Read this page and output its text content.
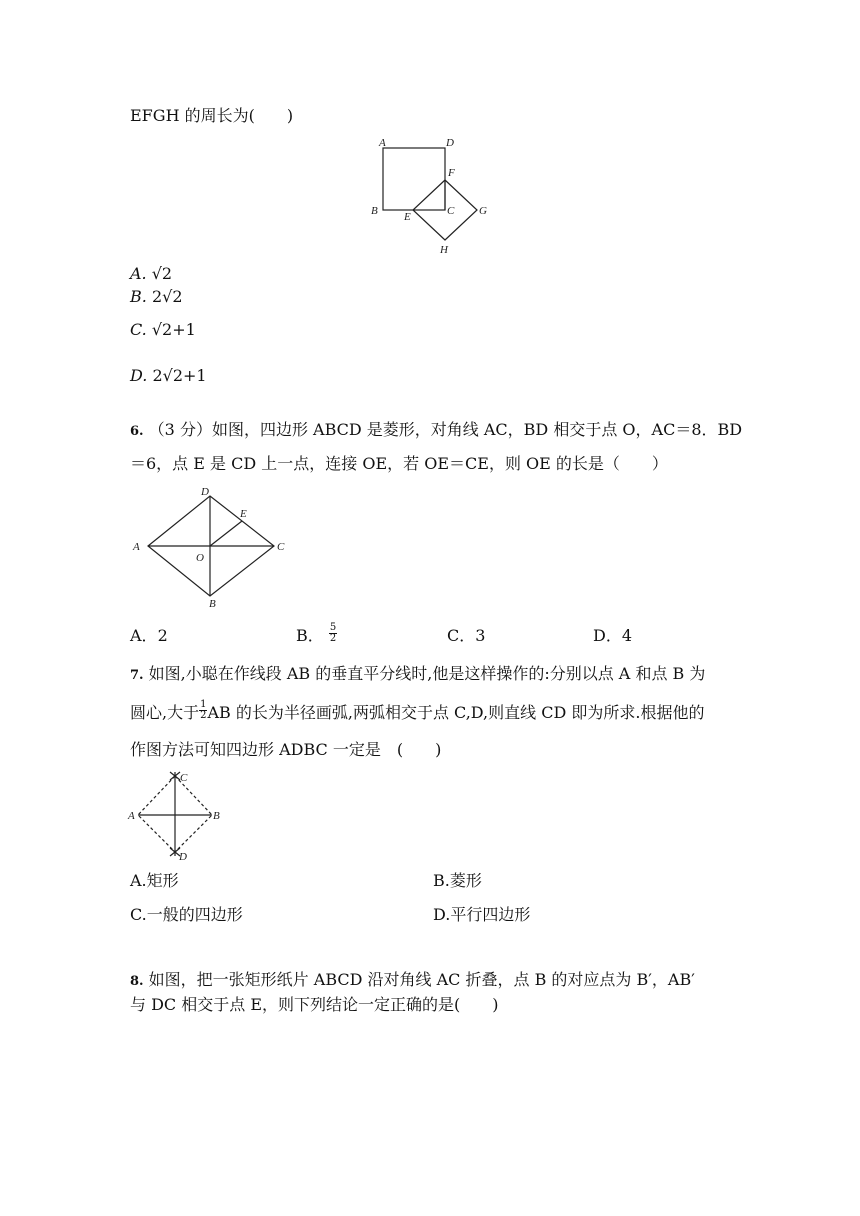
EFGH 的周长为(　　)
A	D
F
B E	C G
H
A. √2
B. 2√2
C. √2+1
D. 2√2+1
6. （3 分）如图，四边形 ABCD 是菱形，对角线 AC，BD 相交于点 O，AC＝8．BD
＝6，点 E 是 CD 上一点，连接 OE，若 OE＝CE，则 OE 的长是（　　）
D
E
A
O
C
B
A．2	B． $\frac{5}{2}$	C．3	D．4
7. 如图,小聪在作线段 AB 的垂直平分线时,他是这样操作的:分别以点 A 和点 B 为
圆心,大于 $\frac{1}{2}$ AB 的长为半径画弧,两弧相交于点 C,D,则直线 CD 即为所求.根据他的
作图方法可知四边形 ADBC 一定是　(　　)
C
A	B
D
A.矩形	B.菱形
C.一般的四边形	D.平行四边形
8. 如图，把一张矩形纸片 ABCD 沿对角线 AC 折叠，点 B 的对应点为 B′，AB′
与 DC 相交于点 E，则下列结论一定正确的是(　　)
